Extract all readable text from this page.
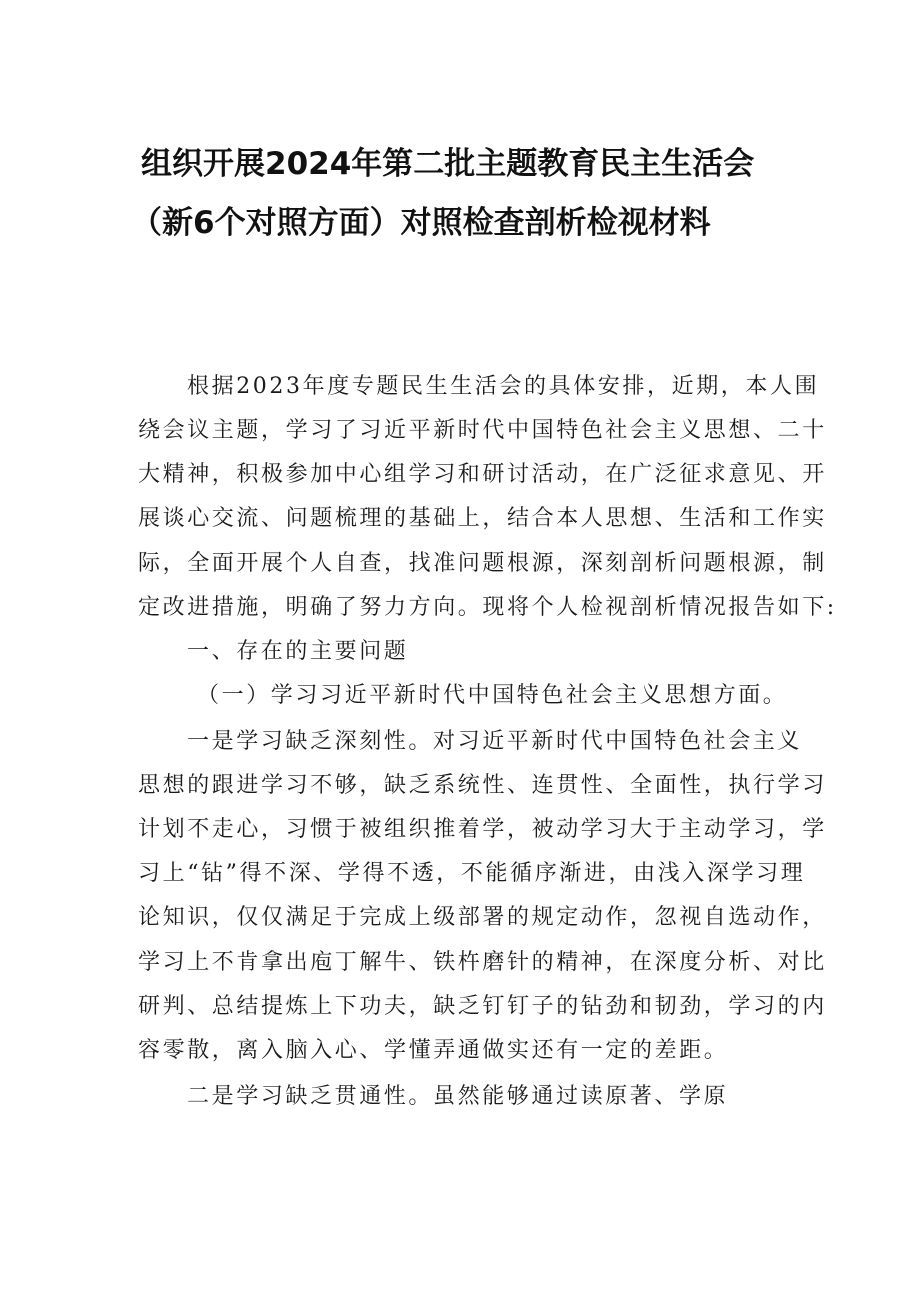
组织开展2024年第二批主题教育民主生活会
（新6个对照方面）对照检查剖析检视材料
根据2023年度专题民生生活会的具体安排，近期，本人围
绕会议主题，学习了习近平新时代中国特色社会主义思想、二十
大精神，积极参加中心组学习和研讨活动，在广泛征求意见、开
展谈心交流、问题梳理的基础上，结合本人思想、生活和工作实
际，全面开展个人自查，找准问题根源，深刻剖析问题根源，制
定改进措施，明确了努力方向。现将个人检视剖析情况报告如下:
一、存在的主要问题
（一）学习习近平新时代中国特色社会主义思想方面。
一是学习缺乏深刻性。对习近平新时代中国特色社会主义
思想的跟进学习不够，缺乏系统性、连贯性、全面性，执行学习
计划不走心，习惯于被组织推着学，被动学习大于主动学习，学
习上“钻”得不深、学得不透，不能循序渐进，由浅入深学习理
论知识，仅仅满足于完成上级部署的规定动作，忽视自选动作，
学习上不肯拿出庖丁解牛、铁杵磨针的精神，在深度分析、对比
研判、总结提炼上下功夫，缺乏钉钉子的钻劲和韧劲，学习的内
容零散，离入脑入心、学懂弄通做实还有一定的差距。
二是学习缺乏贯通性。虽然能够通过读原著、学原
